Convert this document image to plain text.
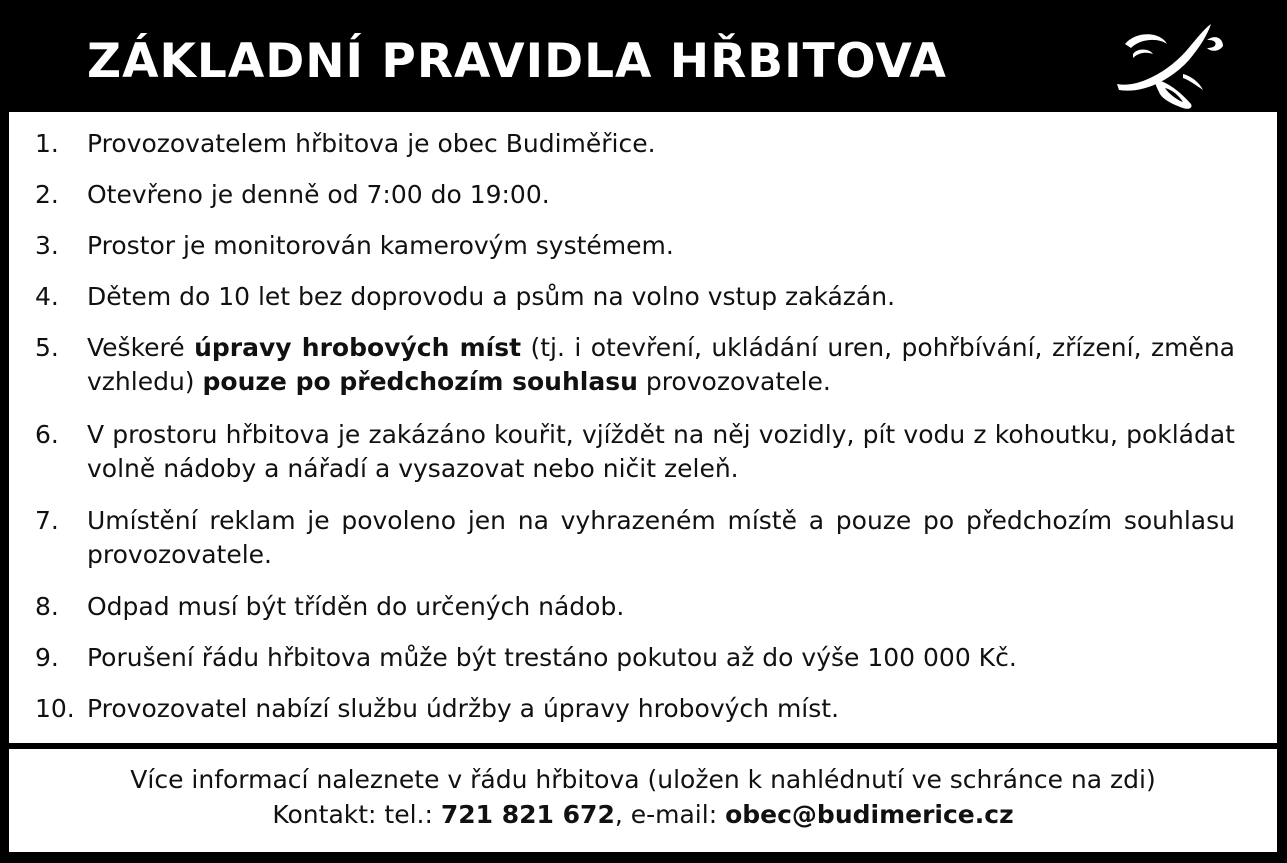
ZÁKLADNÍ PRAVIDLA HŘBITOVA
1.	Provozovatelem hřbitova je obec Budiměřice.
2.	Otevřeno je denně od 7:00 do 19:00.
3.	Prostor je monitorován kamerovým systémem.
4.	Dětem do 10 let bez doprovodu a psům na volno vstup zakázán.
5.	Veškeré úpravy hrobových míst (tj. i otevření, ukládání uren, pohřbívání, zřízení, změna vzhledu) pouze po předchozím souhlasu provozovatele.
6.	V prostoru hřbitova je zakázáno kouřit, vjíždět na něj vozidly, pít vodu z kohoutku, pokládat volně nádoby a nářadí a vysazovat nebo ničit zeleň.
7.	Umístění reklam je povoleno jen na vyhrazeném místě a pouze po předchozím souhlasu provozovatele.
8.	Odpad musí být tříděn do určených nádob.
9.	Porušení řádu hřbitova může být trestáno pokutou až do výše 100 000 Kč.
10. Provozovatel nabízí službu údržby a úpravy hrobových míst.
Více informací naleznete v řádu hřbitova (uložen k nahlédnutí ve schránce na zdi)
Kontakt: tel.: 721 821 672, e-mail: obec@budimerice.cz
